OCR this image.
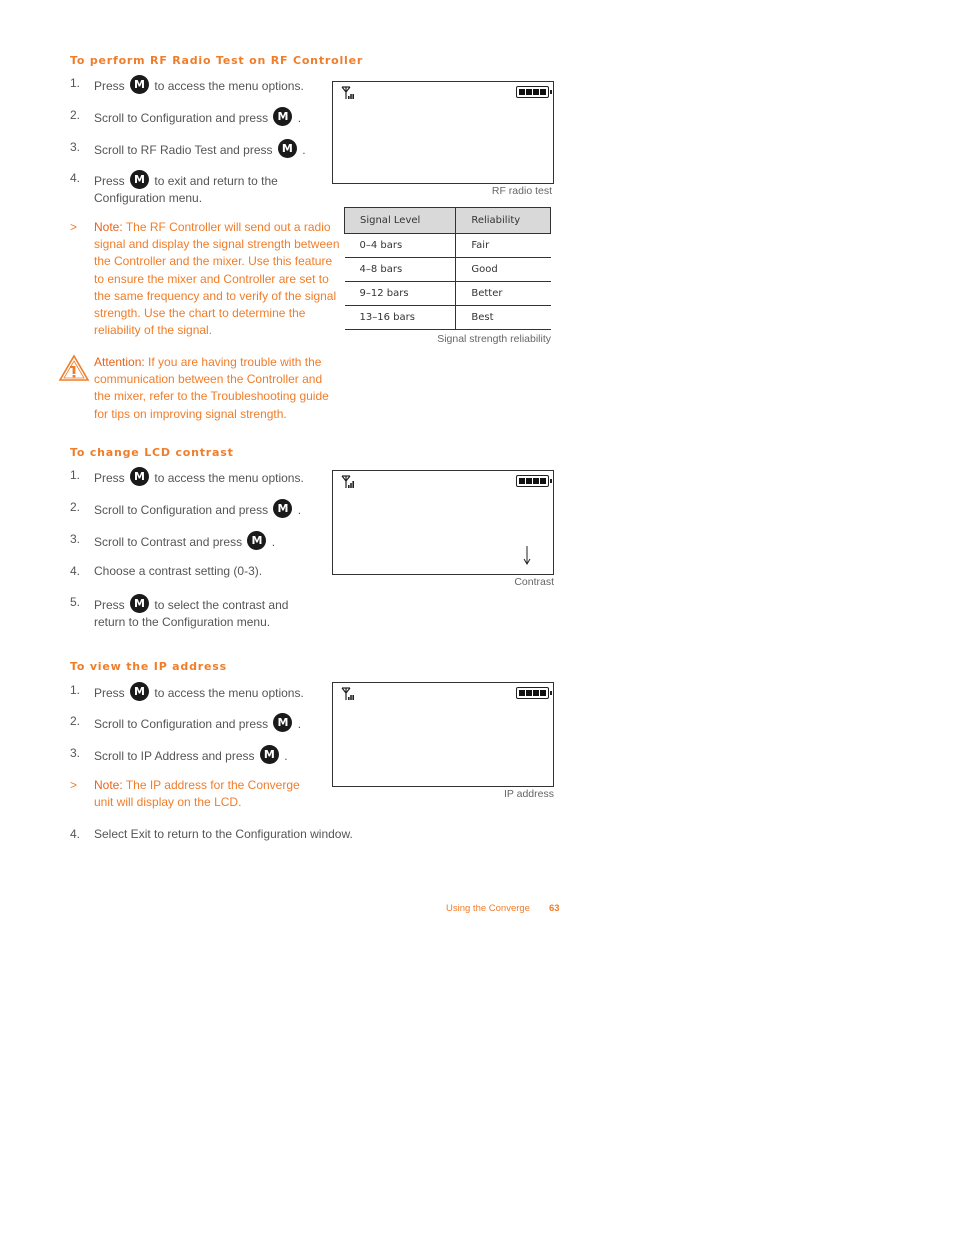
To perform RF Radio Test on RF Controller
1.	Press M to access the menu options.
2.	Scroll to Configuration and press M .
3.	Scroll to RF Radio Test and press M .
4.	Press M to exit and return to the
Configuration menu.
> Note: The RF Controller will send out a radio signal and display the signal strength between the Controller and the mixer. Use this feature to ensure the mixer and Controller are set to the same frequency and to verify of the signal strength. Use the chart to determine the reliability of the signal.
Attention: If you are having trouble with the communication between the Controller and the mixer, refer to the Troubleshooting guide for tips on improving signal strength.
RF radio test
Signal Level	Reliability
0–4 bars	Fair
4–8 bars	Good
9–12 bars	Better
13–16 bars	Best
Signal strength reliability
To change LCD contrast
1.	Press M to access the menu options.
2.	Scroll to Configuration and press M .
3.	Scroll to Contrast and press M .
4.	Choose a contrast setting (0-3).
5.	Press M to select the contrast and
return to the Configuration menu.
Contrast
To view the IP address
1.	Press M to access the menu options.
2.	Scroll to Configuration and press M .
3.	Scroll to IP Address and press M .
> Note: The IP address for the Converge unit will display on the LCD.
4.	Select Exit to return to the Configuration window.
IP address
Using the Converge 63
